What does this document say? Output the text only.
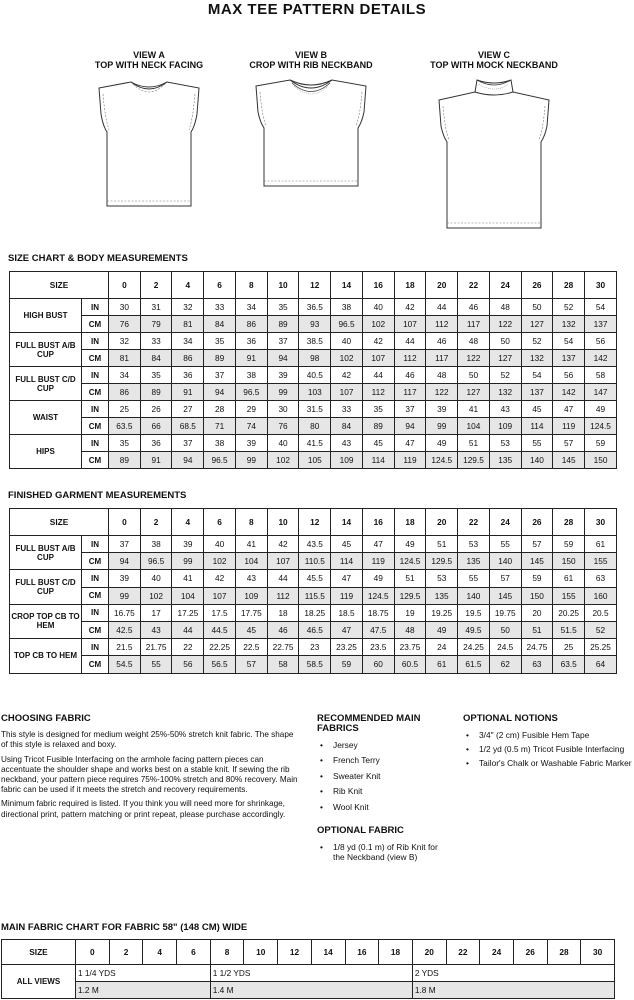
MAX TEE PATTERN DETAILS
VIEW A
TOP WITH NECK FACING
VIEW B
CROP WITH RIB NECKBAND
VIEW C
TOP WITH MOCK NECKBAND
SIZE CHART & BODY MEASUREMENTS
SIZE		0	2	4	6	8	10	12	14	16	18	20	22	24	26	28	30
HIGH BUST	IN	30	31	32	33	34	35	36.5	38	40	42	44	46	48	50	52	54
	CM	76	79	81	84	86	89	93	96.5	102	107	112	117	122	127	132	137
FULL BUST A/B CUP	IN	32	33	34	35	36	37	38.5	40	42	44	46	48	50	52	54	56
	CM	81	84	86	89	91	94	98	102	107	112	117	122	127	132	137	142
FULL BUST C/D CUP	IN	34	35	36	37	38	39	40.5	42	44	46	48	50	52	54	56	58
	CM	86	89	91	94	96.5	99	103	107	112	117	122	127	132	137	142	147
WAIST	IN	25	26	27	28	29	30	31.5	33	35	37	39	41	43	45	47	49
	CM	63.5	66	68.5	71	74	76	80	84	89	94	99	104	109	114	119	124.5
HIPS	IN	35	36	37	38	39	40	41.5	43	45	47	49	51	53	55	57	59
	CM	89	91	94	96.5	99	102	105	109	114	119	124.5	129.5	135	140	145	150
FINISHED GARMENT MEASUREMENTS
SIZE		0	2	4	6	8	10	12	14	16	18	20	22	24	26	28	30
FULL BUST A/B CUP	IN	37	38	39	40	41	42	43.5	45	47	49	51	53	55	57	59	61
	CM	94	96.5	99	102	104	107	110.5	114	119	124.5	129.5	135	140	145	150	155
FULL BUST C/D CUP	IN	39	40	41	42	43	44	45.5	47	49	51	53	55	57	59	61	63
	CM	99	102	104	107	109	112	115.5	119	124.5	129.5	135	140	145	150	155	160
CROP TOP CB TO HEM	IN	16.75	17	17.25	17.5	17.75	18	18.25	18.5	18.75	19	19.25	19.5	19.75	20	20.25	20.5
	CM	42.5	43	44	44.5	45	46	46.5	47	47.5	48	49	49.5	50	51	51.5	52
TOP CB TO HEM	IN	21.5	21.75	22	22.25	22.5	22.75	23	23.25	23.5	23.75	24	24.25	24.5	24.75	25	25.25
	CM	54.5	55	56	56.5	57	58	58.5	59	60	60.5	61	61.5	62	63	63.5	64
CHOOSING FABRIC

This style is designed for medium weight 25%-50% stretch knit fabric. The shape of this style is relaxed and boxy.

Using Tricot Fusible Interfacing on the armhole facing pattern pieces can accentuate the shoulder shape and works best on a stable knit. If sewing the rib neckband, your pattern piece requires 75%-100% stretch and 80% recovery. Main fabric can be used if it meets the stretch and recovery requirements.

Minimum fabric required is listed. If you think you will need more for shrinkage, directional print, pattern matching or print repeat, please purchase accordingly.

RECOMMENDED MAIN FABRICS
• Jersey
• French Terry
• Sweater Knit
• Rib Knit
• Wool Knit
OPTIONAL FABRIC
• 1/8 yd (0.1 m) of Rib Knit for the Neckband (view B)
OPTIONAL NOTIONS
• 3/4" (2 cm) Fusible Hem Tape
• 1/2 yd (0.5 m) Tricot Fusible Interfacing
• Tailor's Chalk or Washable Fabric Marker
MAIN FABRIC CHART FOR FABRIC 58" (148 CM) WIDE
SIZE	0	2	4	6	8	10	12	14	16	18	20	22	24	26	28	30
ALL VIEWS	1 1/4 YDS				1 1/2 YDS						2 YDS					
	1.2 M				1.4 M						1.8 M					
